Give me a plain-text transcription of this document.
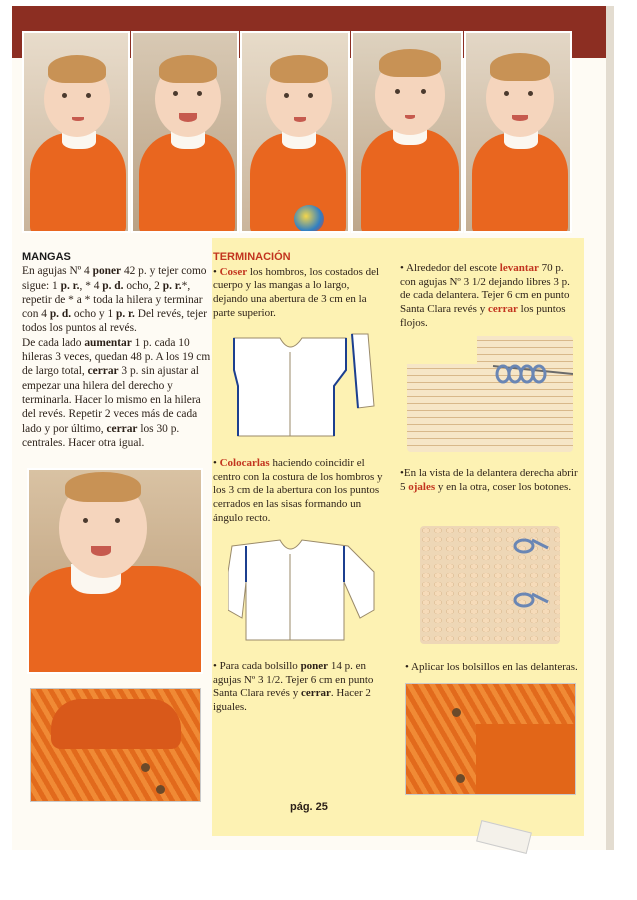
MANGAS

En agujas Nº 4 poner 42 p. y tejer como sigue: 1 p. r., * 4 p. d. ocho, 2 p. r.*, repetir de * a * toda la hilera y terminar con 4 p. d. ocho y 1 p. r. Del revés, tejer todos los puntos al revés.

De cada lado aumentar 1 p. cada 10 hileras 3 veces, quedan 48 p. A los 19 cm de largo total, cerrar 3 p. sin ajustar al empezar una hilera del derecho y terminarla. Hacer lo mismo en la hilera del revés. Repetir 2 veces más de cada lado y por último, cerrar los 30 p. centrales. Hacer otra igual.

TERMINACIÓN

• Coser los hombros, los costados del cuerpo y las mangas a lo largo, dejando una abertura de 3 cm en la parte superior.

• Colocarlas haciendo coincidir el centro con la costura de los hombros y los 3 cm de la abertura con los puntos cerrados en las sisas formando un ángulo recto.

• Para cada bolsillo poner 14 p. en agujas Nº 3 1/2. Tejer 6 cm en punto Santa Clara revés y cerrar. Hacer 2 iguales.

• Alrededor del escote levantar 70 p. con agujas Nº 3 1/2 dejando libres 3 p. de cada delantera. Tejer 6 cm en punto Santa Clara revés y cerrar los puntos flojos.

•En la vista de la delantera derecha abrir 5 ojales y en la otra, coser los botones.

• Aplicar los bolsillos en las delanteras.

pág. 25
